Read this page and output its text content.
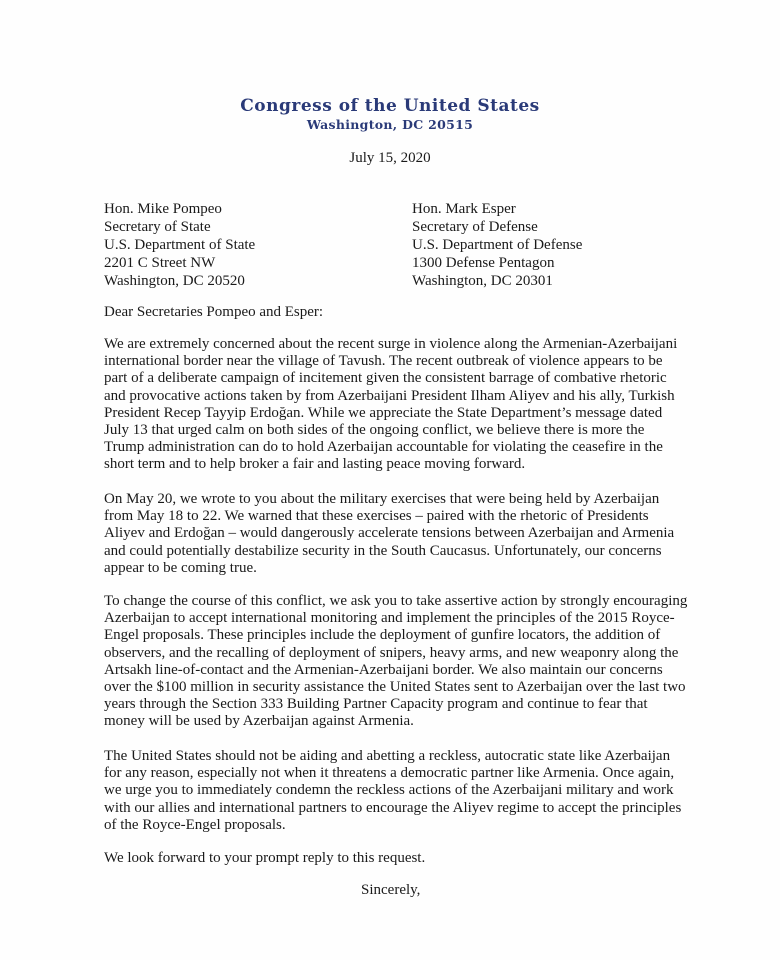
Congress of the United States
Washington, DC 20515
July 15, 2020
Hon. Mike Pompeo
Secretary of State
U.S. Department of State
2201 C Street NW
Washington, DC 20520
Hon. Mark Esper
Secretary of Defense
U.S. Department of Defense
1300 Defense Pentagon
Washington, DC 20301
Dear Secretaries Pompeo and Esper:

We are extremely concerned about the recent surge in violence along the Armenian-Azerbaijani
international border near the village of Tavush. The recent outbreak of violence appears to be
part of a deliberate campaign of incitement given the consistent barrage of combative rhetoric
and provocative actions taken by from Azerbaijani President Ilham Aliyev and his ally, Turkish
President Recep Tayyip Erdoğan. While we appreciate the State Department’s message dated
July 13 that urged calm on both sides of the ongoing conflict, we believe there is more the
Trump administration can do to hold Azerbaijan accountable for violating the ceasefire in the
short term and to help broker a fair and lasting peace moving forward.

On May 20, we wrote to you about the military exercises that were being held by Azerbaijan
from May 18 to 22. We warned that these exercises – paired with the rhetoric of Presidents
Aliyev and Erdoğan – would dangerously accelerate tensions between Azerbaijan and Armenia
and could potentially destabilize security in the South Caucasus. Unfortunately, our concerns
appear to be coming true.

To change the course of this conflict, we ask you to take assertive action by strongly encouraging
Azerbaijan to accept international monitoring and implement the principles of the 2015 Royce-
Engel proposals. These principles include the deployment of gunfire locators, the addition of
observers, and the recalling of deployment of snipers, heavy arms, and new weaponry along the
Artsakh line-of-contact and the Armenian-Azerbaijani border. We also maintain our concerns
over the $100 million in security assistance the United States sent to Azerbaijan over the last two
years through the Section 333 Building Partner Capacity program and continue to fear that
money will be used by Azerbaijan against Armenia.

The United States should not be aiding and abetting a reckless, autocratic state like Azerbaijan
for any reason, especially not when it threatens a democratic partner like Armenia. Once again,
we urge you to immediately condemn the reckless actions of the Azerbaijani military and work
with our allies and international partners to encourage the Aliyev regime to accept the principles
of the Royce-Engel proposals.

We look forward to your prompt reply to this request.

Sincerely,
